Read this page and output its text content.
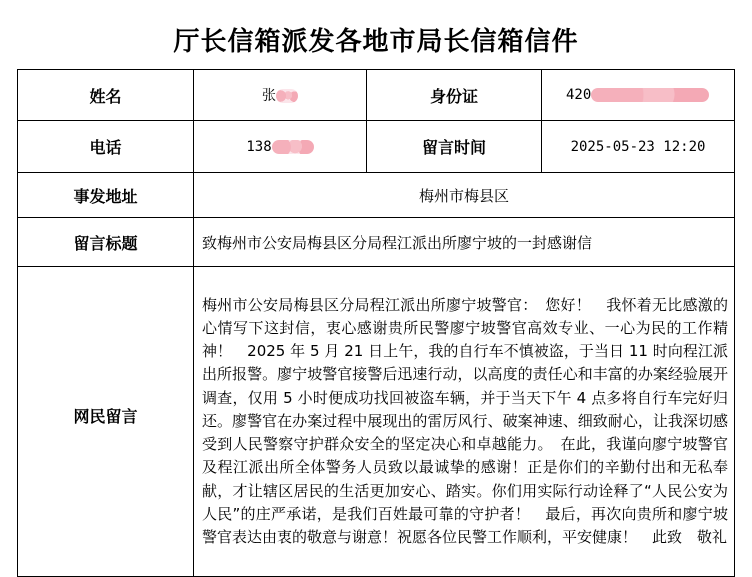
厅长信箱派发各地市局长信箱信件
姓名	张	身份证	420
电话	138	留言时间	2025-05-23 12:20
事发地址	梅州市梅县区		
留言标题	致梅州市公安局梅县区分局程江派出所廖宁坡的一封感谢信		
网民留言	梅州市公安局梅县区分局程江派出所廖宁坡警官：　您好！　我怀着无比感激的心情写下这封信，衷心感谢贵所民警廖宁坡警官高效专业、一心为民的工作精神！　2025 年 5 月 21 日上午，我的自行车不慎被盗，于当日 11 时向程江派出所报警。廖宁坡警官接警后迅速行动，以高度的责任心和丰富的办案经验展开调查，仅用 5 小时便成功找回被盗车辆，并于当天下午 4 点多将自行车完好归还。廖警官在办案过程中展现出的雷厉风行、破案神速、细致耐心，让我深切感受到人民警察守护群众安全的坚定决心和卓越能力。　在此，我谨向廖宁坡警官及程江派出所全体警务人员致以最诚挚的感谢！正是你们的辛勤付出和无私奉献，才让辖区居民的生活更加安心、踏实。你们用实际行动诠释了“人民公安为人民”的庄严承诺，是我们百姓最可靠的守护者！　最后，再次向贵所和廖宁坡警官表达由衷的敬意与谢意！祝愿各位民警工作顺利，平安健康！　此致　敬礼		
